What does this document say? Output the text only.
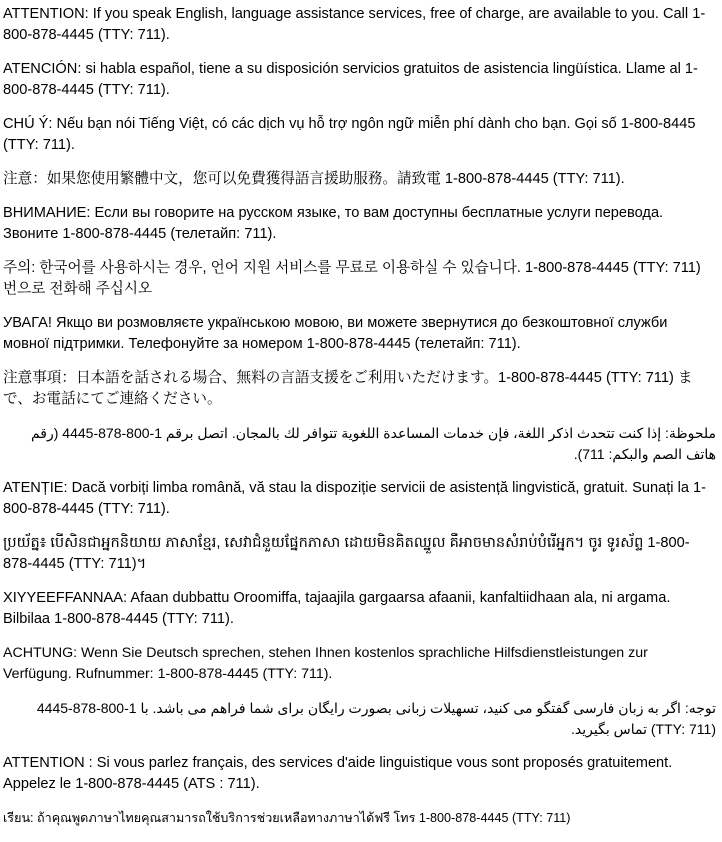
ATTENTION: If you speak English, language assistance services, free of charge, are available to you. Call 1-800-878-4445 (TTY: 711).

ATENCIÓN: si habla español, tiene a su disposición servicios gratuitos de asistencia lingüística. Llame al 1-800-878-4445 (TTY: 711).

CHÚ Ý: Nếu bạn nói Tiếng Việt, có các dịch vụ hỗ trợ ngôn ngữ miễn phí dành cho bạn. Gọi số 1-800-8445 (TTY: 711).

注意：如果您使用繁體中文，您可以免費獲得語言援助服務。請致電 1-800-878-4445 (TTY: 711).

ВНИМАНИЕ: Если вы говорите на русском языке, то вам доступны бесплатные услуги перевода. Звоните 1-800-878-4445 (телетайп: 711).

주의: 한국어를 사용하시는 경우, 언어 지원 서비스를 무료로 이용하실 수 있습니다. 1-800-878-4445 (TTY: 711) 번으로 전화해 주십시오

УВАГА! Якщо ви розмовляєте українською мовою, ви можете звернутися до безкоштовної служби мовної підтримки. Телефонуйте за номером 1-800-878-4445 (телетайп: 711).

注意事項：日本語を話される場合、無料の言語支援をご利用いただけます。1-800-878-4445 (TTY: 711) まで、お電話にてご連絡ください。

ملحوظة: إذا كنت تتحدث اذكر اللغة، فإن خدمات المساعدة اللغوية تتوافر لك بالمجان. اتصل برقم 1-800-878-4445 (رقم هاتف الصم والبكم: 711).

ATENȚIE: Dacă vorbiți limba română, vă stau la dispoziție servicii de asistență lingvistică, gratuit. Sunați la 1-800-878-4445 (TTY: 711).

ប្រយ័ត្ន៖ បើសិនជាអ្នកនិយាយ ភាសាខ្មែរ, សេវាជំនួយផ្នែកភាសា ដោយមិនគិតឈ្នួល គឺអាចមានសំរាប់បំរើអ្នក។ ចូរ ទូរស័ព្ទ 1-800-878-4445 (TTY: 711)។

XIYYEEFFANNAA: Afaan dubbattu Oroomiffa, tajaajila gargaarsa afaanii, kanfaltiidhaan ala, ni argama. Bilbilaa 1-800-878-4445 (TTY: 711).

ACHTUNG: Wenn Sie Deutsch sprechen, stehen Ihnen kostenlos sprachliche Hilfsdienstleistungen zur Verfügung. Rufnummer: 1-800-878-4445 (TTY: 711).

توجه: اگر به زبان فارسی گفتگو می کنید، تسهیلات زبانی بصورت رایگان برای شما فراهم می باشد. با 1-800-878-4445 (TTY: 711) تماس بگیرید.

ATTENTION : Si vous parlez français, des services d'aide linguistique vous sont proposés gratuitement. Appelez le 1-800-878-4445 (ATS : 711).

เรียน: ถ้าคุณพูดภาษาไทยคุณสามารถใช้บริการช่วยเหลือทางภาษาได้ฟรี โทร 1-800-878-4445 (TTY: 711)
